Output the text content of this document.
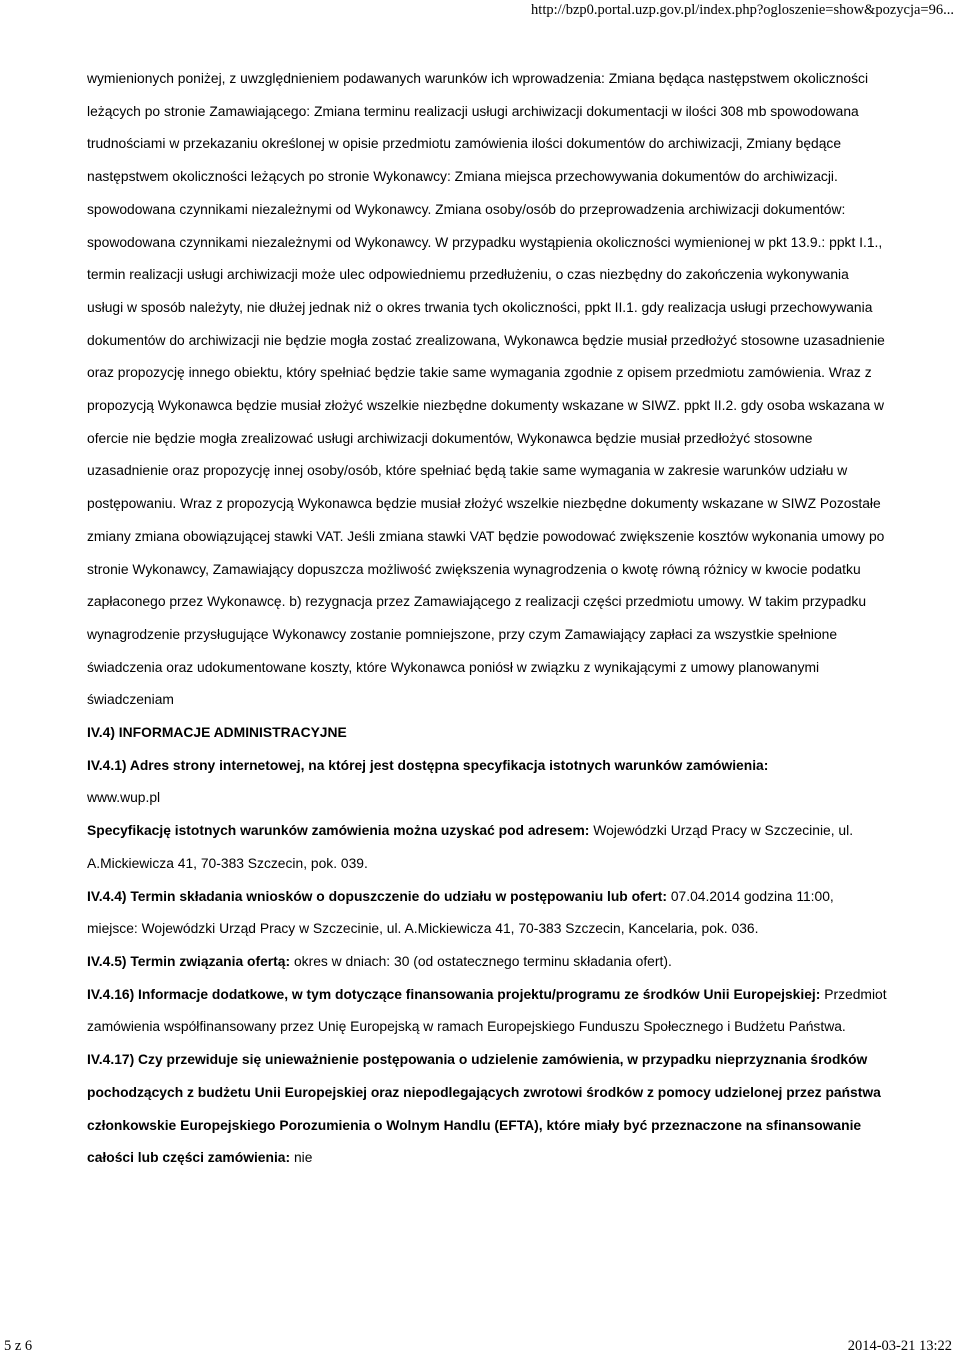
http://bzp0.portal.uzp.gov.pl/index.php?ogloszenie=show&pozycja=96...

wymienionych poniżej, z uwzględnieniem podawanych warunków ich wprowadzenia: Zmiana będąca następstwem okoliczności leżących po stronie Zamawiającego: Zmiana terminu realizacji usługi archiwizacji dokumentacji w ilości 308 mb spowodowana trudnościami w przekazaniu określonej w opisie przedmiotu zamówienia ilości dokumentów do archiwizacji, Zmiany będące następstwem okoliczności leżących po stronie Wykonawcy: Zmiana miejsca przechowywania dokumentów do archiwizacji. spowodowana czynnikami niezależnymi od Wykonawcy. Zmiana osoby/osób do przeprowadzenia archiwizacji dokumentów: spowodowana czynnikami niezależnymi od Wykonawcy. W przypadku wystąpienia okoliczności wymienionej w pkt 13.9.: ppkt I.1., termin realizacji usługi archiwizacji może ulec odpowiedniemu przedłużeniu, o czas niezbędny do zakończenia wykonywania usługi w sposób należyty, nie dłużej jednak niż o okres trwania tych okoliczności, ppkt II.1. gdy realizacja usługi przechowywania dokumentów do archiwizacji nie będzie mogła zostać zrealizowana, Wykonawca będzie musiał przedłożyć stosowne uzasadnienie oraz propozycję innego obiektu, który spełniać będzie takie same wymagania zgodnie z opisem przedmiotu zamówienia. Wraz z propozycją Wykonawca będzie musiał złożyć wszelkie niezbędne dokumenty wskazane w SIWZ. ppkt II.2. gdy osoba wskazana w ofercie nie będzie mogła zrealizować usługi archiwizacji dokumentów, Wykonawca będzie musiał przedłożyć stosowne uzasadnienie oraz propozycję innej osoby/osób, które spełniać będą takie same wymagania w zakresie warunków udziału w postępowaniu. Wraz z propozycją Wykonawca będzie musiał złożyć wszelkie niezbędne dokumenty wskazane w SIWZ Pozostałe zmiany zmiana obowiązującej stawki VAT. Jeśli zmiana stawki VAT będzie powodować zwiększenie kosztów wykonania umowy po stronie Wykonawcy, Zamawiający dopuszcza możliwość zwiększenia wynagrodzenia o kwotę równą różnicy w kwocie podatku zapłaconego przez Wykonawcę. b) rezygnacja przez Zamawiającego z realizacji części przedmiotu umowy. W takim przypadku wynagrodzenie przysługujące Wykonawcy zostanie pomniejszone, przy czym Zamawiający zapłaci za wszystkie spełnione świadczenia oraz udokumentowane koszty, które Wykonawca poniósł w związku z wynikającymi z umowy planowanymi świadczeniam

IV.4) INFORMACJE ADMINISTRACYJNE

IV.4.1) Adres strony internetowej, na której jest dostępna specyfikacja istotnych warunków zamówienia:

www.wup.pl

Specyfikację istotnych warunków zamówienia można uzyskać pod adresem: Wojewódzki Urząd Pracy w Szczecinie, ul. A.Mickiewicza 41, 70-383 Szczecin, pok. 039.

IV.4.4) Termin składania wniosków o dopuszczenie do udziału w postępowaniu lub ofert: 07.04.2014 godzina 11:00, miejsce: Wojewódzki Urząd Pracy w Szczecinie, ul. A.Mickiewicza 41, 70-383 Szczecin, Kancelaria, pok. 036.

IV.4.5) Termin związania ofertą: okres w dniach: 30 (od ostatecznego terminu składania ofert).

IV.4.16) Informacje dodatkowe, w tym dotyczące finansowania projektu/programu ze środków Unii Europejskiej: Przedmiot zamówienia współfinansowany przez Unię Europejską w ramach Europejskiego Funduszu Społecznego i Budżetu Państwa.

IV.4.17) Czy przewiduje się unieważnienie postępowania o udzielenie zamówienia, w przypadku nieprzyznania środków pochodzących z budżetu Unii Europejskiej oraz niepodlegających zwrotowi środków z pomocy udzielonej przez państwa członkowskie Europejskiego Porozumienia o Wolnym Handlu (EFTA), które miały być przeznaczone na sfinansowanie całości lub części zamówienia: nie

5 z 6	2014-03-21 13:22
